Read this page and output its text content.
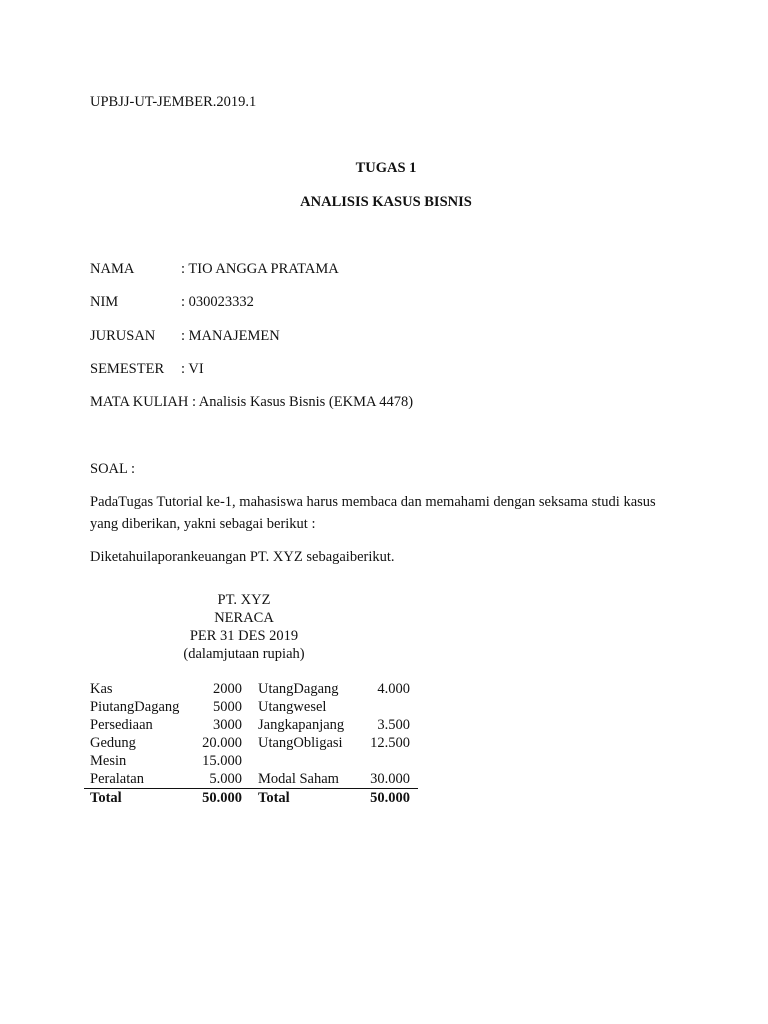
UPBJJ-UT-JEMBER.2019.1
TUGAS 1
ANALISIS KASUS BISNIS
NAMA	: TIO ANGGA PRATAMA
NIM	: 030023332
JURUSAN : MANAJEMEN
SEMESTER : VI
MATA KULIAH : Analisis Kasus Bisnis (EKMA 4478)
SOAL :
PadaTugas Tutorial ke-1, mahasiswa harus membaca dan memahami dengan seksama studi kasus yang diberikan, yakni sebagai berikut :
Diketahuilaporankeuangan PT. XYZ sebagaiberikut.
PT. XYZ
NERACA
PER 31 DES 2019
(dalamjutaan rupiah)
Kas	2000	UtangDagang	4.000
PiutangDagang	5000	Utangwesel	
Persediaan	3000	Jangkapanjang	3.500
Gedung	20.000	UtangObligasi	12.500
Mesin	15.000		
Peralatan	5.000	Modal Saham	30.000
Total	50.000	Total	50.000
